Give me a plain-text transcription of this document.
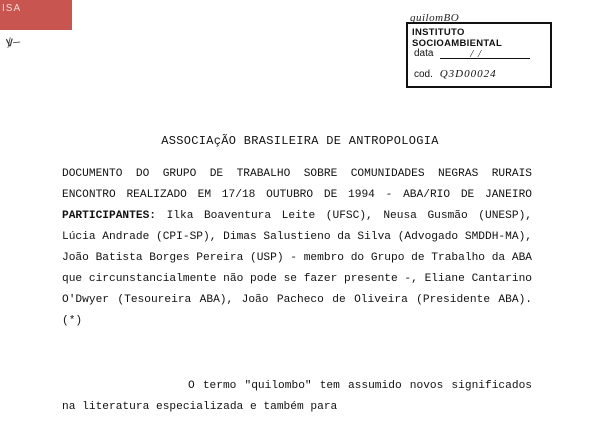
ISA
ꝟ–
quilomBO
INSTITUTO SOCIOAMBIENTAL
data	/ /
cod. Q3D00024
ASSOCIAçÃO BRASILEIRA DE ANTROPOLOGIA
DOCUMENTO DO GRUPO DE TRABALHO SOBRE COMUNIDADES NEGRAS RURAIS ENCONTRO REALIZADO EM 17/18 OUTUBRO DE 1994 - ABA/RIO DE JANEIRO PARTICIPANTES: Ilka Boaventura Leite (UFSC), Neusa Gusmão (UNESP), Lúcia Andrade (CPI-SP), Dimas Salustieno da Silva (Advogado SMDDH-MA), João Batista Borges Pereira (USP) - membro do Grupo de Trabalho da ABA que circunstancialmente não pode se fazer presente -, Eliane Cantarino O'Dwyer (Tesoureira ABA), João Pacheco de Oliveira (Presidente ABA).(*)
O termo "quilombo" tem assumido novos significados na literatura especializada e também para
